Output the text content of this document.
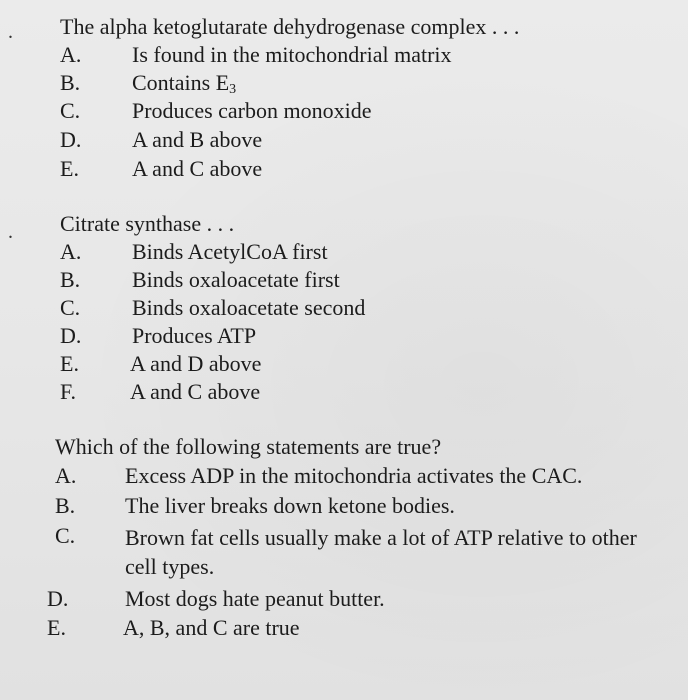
.
.
The alpha ketoglutarate dehydrogenase complex . . .
A. Is found in the mitochondrial matrix
B. Contains $E_3$
C. Produces carbon monoxide
D. A and B above
E. A and C above
Citrate synthase . . .
A. Binds AcetylCoA first
B. Binds oxaloacetate first
C. Binds oxaloacetate second
D. Produces ATP
E. A and D above
F. A and C above
Which of the following statements are true?
A. Excess ADP in the mitochondria activates the CAC.
B. The liver breaks down ketone bodies.
C. Brown fat cells usually make a lot of ATP relative to other cell types.
D.	Most dogs hate peanut butter.
E.	A, B, and C are true
